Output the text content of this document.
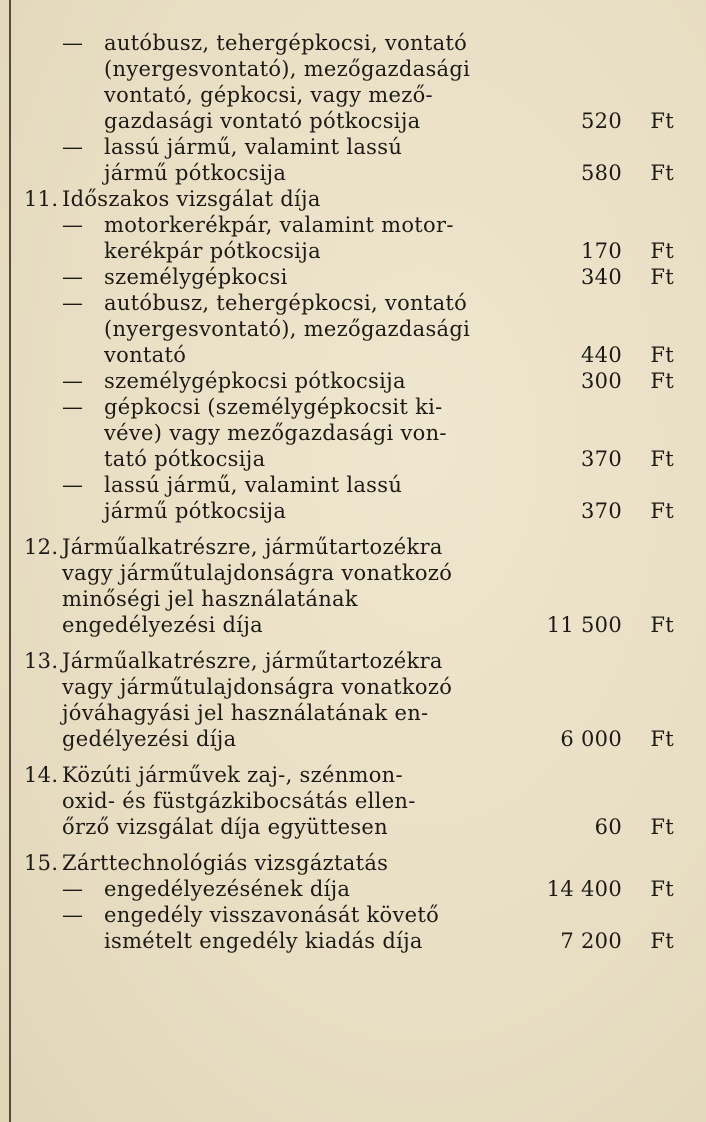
— autóbusz, tehergépkocsi, vontató
(nyergesvontató), mezőgazdasági
vontató, gépkocsi, vagy mező-
gazdasági vontató pótkocsija	520 Ft
— lassú jármű, valamint lassú
jármű pótkocsija	580 Ft
11. Időszakos vizsgálat díja
— motorkerékpár, valamint motor-
kerékpár pótkocsija	170 Ft
— személygépkocsi	340 Ft
— autóbusz, tehergépkocsi, vontató
(nyergesvontató), mezőgazdasági
vontató	440 Ft
— személygépkocsi pótkocsija	300 Ft
— gépkocsi (személygépkocsit ki-
véve) vagy mezőgazdasági von-
tató pótkocsija	370 Ft
— lassú jármű, valamint lassú
jármű pótkocsija	370 Ft
12. Járműalkatrészre, járműtartozékra
vagy járműtulajdonságra vonatkozó
minőségi jel használatának
engedélyezési díja	11 500 Ft
13. Járműalkatrészre, járműtartozékra
vagy járműtulajdonságra vonatkozó
jóváhagyási jel használatának en-
gedélyezési díja	6 000 Ft
14. Közúti járművek zaj-, szénmon-
oxid- és füstgázkibocsátás ellen-
őrző vizsgálat díja együttesen	60 Ft
15. Zárttechnológiás vizsgáztatás
— engedélyezésének díja	14 400 Ft
— engedély visszavonását követő
ismételt engedély kiadás díja	7 200 Ft
